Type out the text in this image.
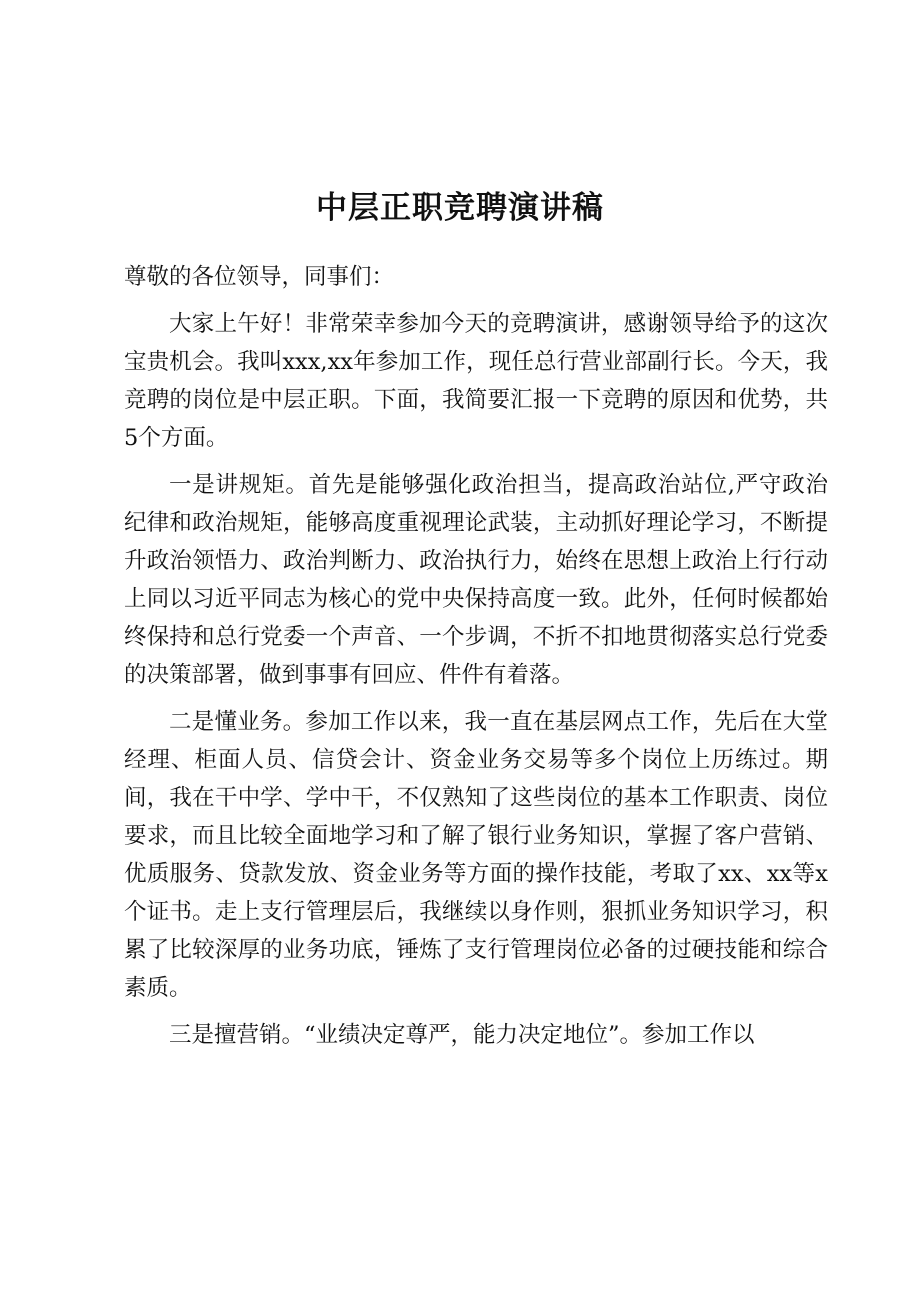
中层正职竞聘演讲稿

尊敬的各位领导，同事们：

大家上午好！非常荣幸参加今天的竞聘演讲，感谢领导给予的这次宝贵机会。我叫xxx,xx年参加工作，现任总行营业部副行长。今天，我竞聘的岗位是中层正职。下面，我简要汇报一下竞聘的原因和优势，共5个方面。

一是讲规矩。首先是能够强化政治担当，提高政治站位,严守政治纪律和政治规矩，能够高度重视理论武装，主动抓好理论学习，不断提升政治领悟力、政治判断力、政治执行力，始终在思想上政治上行行动上同以习近平同志为核心的党中央保持高度一致。此外，任何时候都始终保持和总行党委一个声音、一个步调，不折不扣地贯彻落实总行党委的决策部署，做到事事有回应、件件有着落。

二是懂业务。参加工作以来，我一直在基层网点工作，先后在大堂经理、柜面人员、信贷会计、资金业务交易等多个岗位上历练过。期间，我在干中学、学中干，不仅熟知了这些岗位的基本工作职责、岗位要求，而且比较全面地学习和了解了银行业务知识，掌握了客户营销、优质服务、贷款发放、资金业务等方面的操作技能，考取了xx、xx等x个证书。走上支行管理层后，我继续以身作则，狠抓业务知识学习，积累了比较深厚的业务功底，锤炼了支行管理岗位必备的过硬技能和综合素质。

三是擅营销。“业绩决定尊严，能力决定地位”。参加工作以
